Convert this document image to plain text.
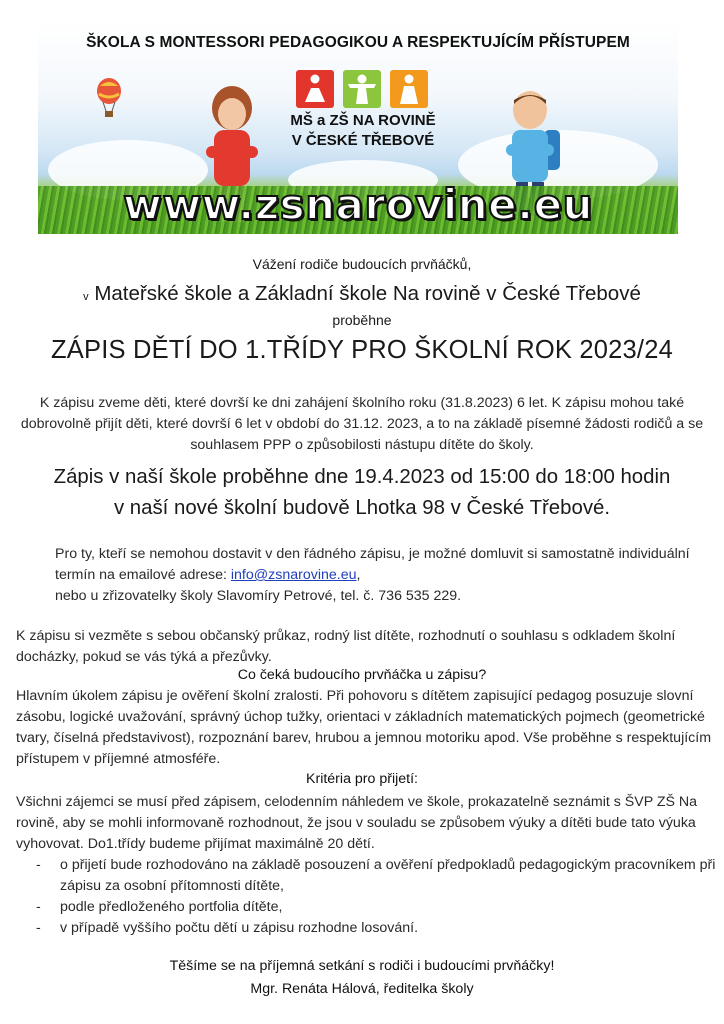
ŠKOLA S MONTESSORI PEDAGOGIKOU A RESPEKTUJÍCÍM PŘÍSTUPEM
MŠ a ZŠ NA ROVINĚ
V ČESKÉ TŘEBOVÉ
www.zsnarovine.eu

Vážení rodiče budoucích prvňáčků,

v Mateřské škole a Základní škole Na rovině v České Třebové

proběhne

ZÁPIS DĚTÍ DO 1.TŘÍDY PRO ŠKOLNÍ ROK 2023/24

K zápisu zveme děti, které dovrší ke dni zahájení školního roku (31.8.2023) 6 let. K zápisu mohou také dobrovolně přijít děti, které dovrší 6 let v období do 31.12. 2023, a to na základě písemné žádosti rodičů a se souhlasem PPP o způsobilosti nástupu dítěte do školy.

Zápis v naší škole proběhne dne 19.4.2023 od 15:00 do 18:00 hodin

v naší nové školní budově Lhotka 98 v České Třebové.

Pro ty, kteří se nemohou dostavit v den řádného zápisu, je možné domluvit si samostatně individuální termín na emailové adrese: info@zsnarovine.eu,
nebo u zřizovatelky školy Slavomíry Petrové, tel. č. 736 535 229.

K zápisu si vezměte s sebou občanský průkaz, rodný list dítěte, rozhodnutí o souhlasu s odkladem školní docházky, pokud se vás týká a přezůvky.

Co čeká budoucího prvňáčka u zápisu?

Hlavním úkolem zápisu je ověření školní zralosti. Při pohovoru s dítětem zapisující pedagog posuzuje slovní zásobu, logické uvažování, správný úchop tužky, orientaci v základních matematických pojmech (geometrické tvary, číselná představivost), rozpoznání barev, hrubou a jemnou motoriku apod. Vše proběhne s respektujícím přístupem v příjemné atmosféře.

Kritéria pro přijetí:

Všichni zájemci se musí před zápisem, celodenním náhledem ve škole, prokazatelně seznámit s ŠVP ZŠ Na rovině, aby se mohli informovaně rozhodnout, že jsou v souladu se způsobem výuky a dítěti bude tato výuka vyhovovat. Do1.třídy budeme přijímat maximálně 20 dětí.

- o přijetí bude rozhodováno na základě posouzení a ověření předpokladů pedagogickým pracovníkem při zápisu za osobní přítomnosti dítěte,
- podle předloženého portfolia dítěte,
- v případě vyššího počtu dětí u zápisu rozhodne losování.

Těšíme se na příjemná setkání s rodiči i budoucími prvňáčky!

Mgr. Renáta Hálová, ředitelka školy
